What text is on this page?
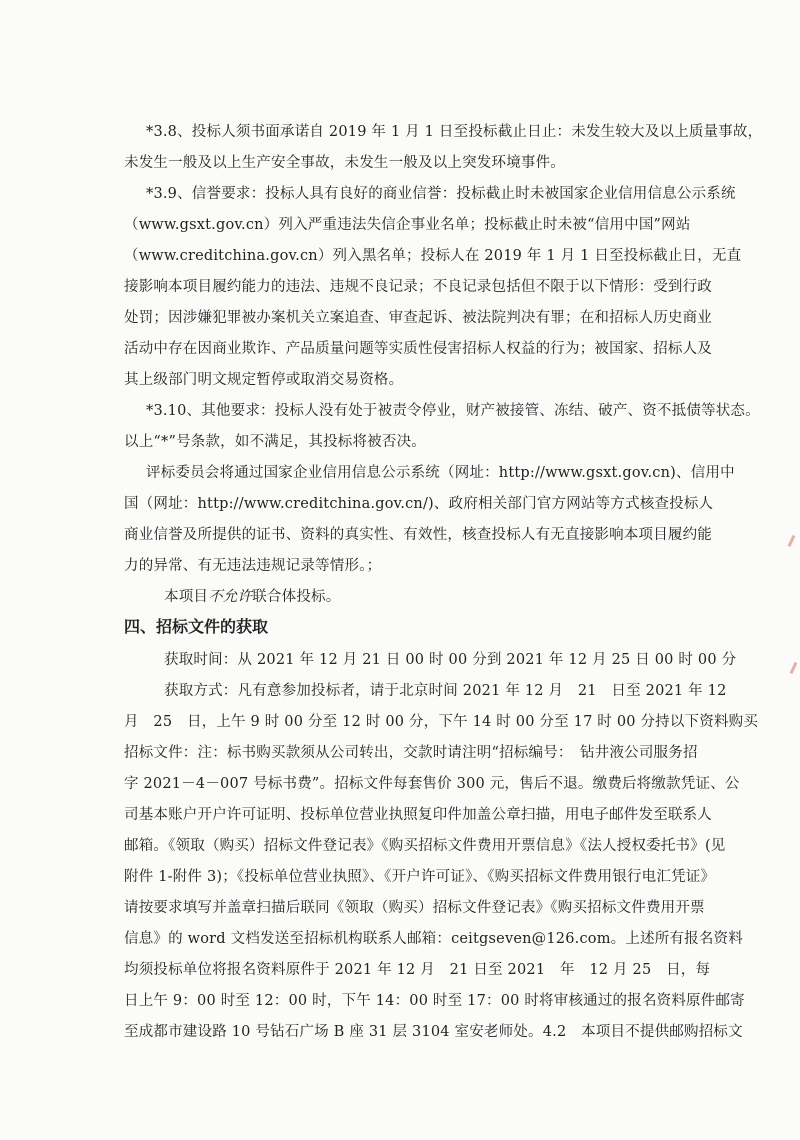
*3.8、投标人须书面承诺自 2019 年 1 月 1 日至投标截止日止：未发生较大及以上质量事故，
未发生一般及以上生产安全事故，未发生一般及以上突发环境事件。
*3.9、信誉要求：投标人具有良好的商业信誉：投标截止时未被国家企业信用信息公示系统
（www.gsxt.gov.cn）列入严重违法失信企事业名单；投标截止时未被“信用中国”网站
（www.creditchina.gov.cn）列入黑名单；投标人在 2019 年 1 月 1 日至投标截止日，无直
接影响本项目履约能力的违法、违规不良记录；不良记录包括但不限于以下情形：受到行政
处罚；因涉嫌犯罪被办案机关立案追查、审查起诉、被法院判决有罪；在和招标人历史商业
活动中存在因商业欺诈、产品质量问题等实质性侵害招标人权益的行为；被国家、招标人及
其上级部门明文规定暂停或取消交易资格。
*3.10、其他要求：投标人没有处于被责令停业，财产被接管、冻结、破产、资不抵债等状态。
以上“*”号条款，如不满足，其投标将被否决。
评标委员会将通过国家企业信用信息公示系统（网址：http://www.gsxt.gov.cn)、信用中
国（网址：http://www.creditchina.gov.cn/)、政府相关部门官方网站等方式核查投标人
商业信誉及所提供的证书、资料的真实性、有效性，核查投标人有无直接影响本项目履约能
力的异常、有无违法违规记录等情形。；
本项目不允许联合体投标。
四、招标文件的获取
获取时间：从 2021 年 12 月 21 日 00 时 00 分到 2021 年 12 月 25 日 00 时 00 分
获取方式：凡有意参加投标者，请于北京时间 2021 年 12 月　21　日至 2021 年 12
月　25　日，上午 9 时 00 分至 12 时 00 分，下午 14 时 00 分至 17 时 00 分持以下资料购买
招标文件：注：标书购买款须从公司转出，交款时请注明“招标编号：　钻井液公司服务招
字 2021－4－007 号标书费”。招标文件每套售价 300 元，售后不退。缴费后将缴款凭证、公
司基本账户开户许可证明、投标单位营业执照复印件加盖公章扫描，用电子邮件发至联系人
邮箱。《领取（购买）招标文件登记表》《购买招标文件费用开票信息》《法人授权委托书》(见
附件 1-附件 3)；《投标单位营业执照》、《开户许可证》、《购买招标文件费用银行电汇凭证》
请按要求填写并盖章扫描后联同《领取（购买）招标文件登记表》《购买招标文件费用开票
信息》的 word 文档发送至招标机构联系人邮箱：ceitgseven@126.com。上述所有报名资料
均须投标单位将报名资料原件于 2021 年 12 月　21 日至 2021　年　12 月 25　日，每
日上午 9：00 时至 12：00 时，下午 14：00 时至 17：00 时将审核通过的报名资料原件邮寄
至成都市建设路 10 号钻石广场 B 座 31 层 3104 室安老师处。4.2　本项目不提供邮购招标文
